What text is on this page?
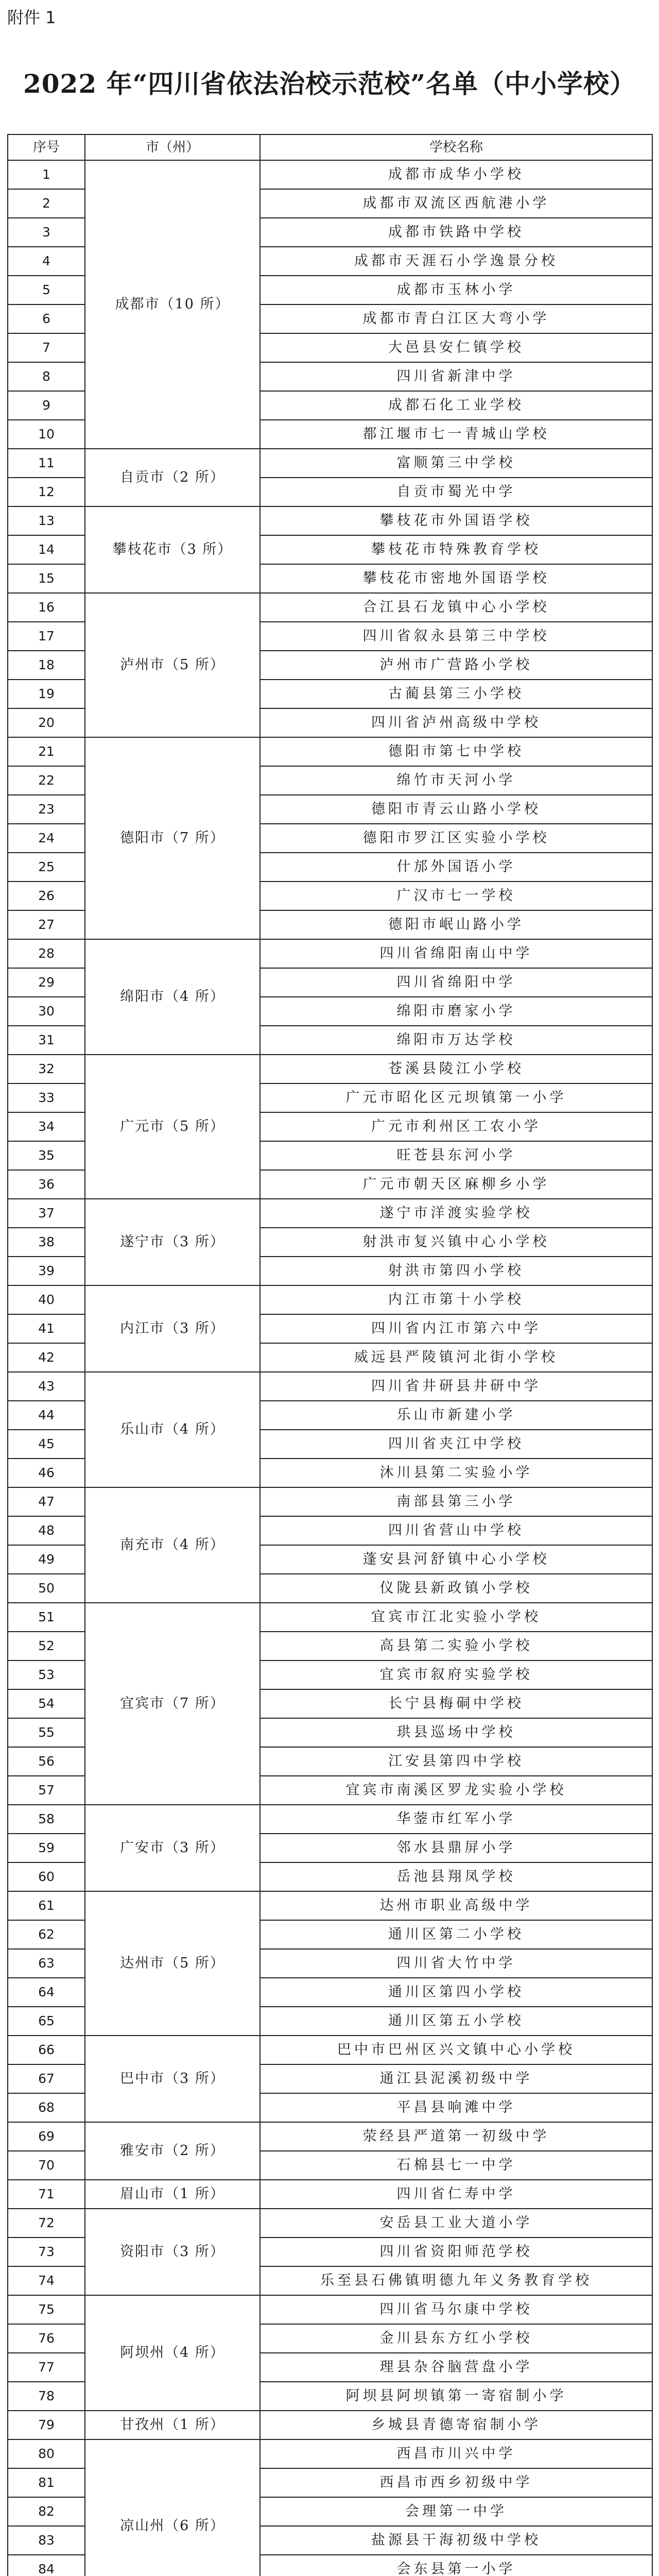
附件 1
2022 年“四川省依法治校示范校”名单（中小学校）
序号	市（州）	学校名称
1	成都市（10 所）	成都市成华小学校
2		成都市双流区西航港小学
3		成都市铁路中学校
4		成都市天涯石小学逸景分校
5		成都市玉林小学
6		成都市青白江区大弯小学
7		大邑县安仁镇学校
8		四川省新津中学
9		成都石化工业学校
10		都江堰市七一青城山学校
11	自贡市（2 所）	富顺第三中学校
12		自贡市蜀光中学
13	攀枝花市（3 所）	攀枝花市外国语学校
14		攀枝花市特殊教育学校
15		攀枝花市密地外国语学校
16	泸州市（5 所）	合江县石龙镇中心小学校
17		四川省叙永县第三中学校
18		泸州市广营路小学校
19		古蔺县第三小学校
20		四川省泸州高级中学校
21	德阳市（7 所）	德阳市第七中学校
22		绵竹市天河小学
23		德阳市青云山路小学校
24		德阳市罗江区实验小学校
25		什邡外国语小学
26		广汉市七一学校
27		德阳市岷山路小学
28	绵阳市（4 所）	四川省绵阳南山中学
29		四川省绵阳中学
30		绵阳市磨家小学
31		绵阳市万达学校
32	广元市（5 所）	苍溪县陵江小学校
33		广元市昭化区元坝镇第一小学
34		广元市利州区工农小学
35		旺苍县东河小学
36		广元市朝天区麻柳乡小学
37	遂宁市（3 所）	遂宁市洋渡实验学校
38		射洪市复兴镇中心小学校
39		射洪市第四小学校
40	内江市（3 所）	内江市第十小学校
41		四川省内江市第六中学
42		威远县严陵镇河北街小学校
43	乐山市（4 所）	四川省井研县井研中学
44		乐山市新建小学
45		四川省夹江中学校
46		沐川县第二实验小学
47	南充市（4 所）	南部县第三小学
48		四川省营山中学校
49		蓬安县河舒镇中心小学校
50		仪陇县新政镇小学校
51	宜宾市（7 所）	宜宾市江北实验小学校
52		高县第二实验小学校
53		宜宾市叙府实验学校
54		长宁县梅硐中学校
55		珙县巡场中学校
56		江安县第四中学校
57		宜宾市南溪区罗龙实验小学校
58	广安市（3 所）	华蓥市红军小学
59		邻水县鼎屏小学
60		岳池县翔凤学校
61	达州市（5 所）	达州市职业高级中学
62		通川区第二小学校
63		四川省大竹中学
64		通川区第四小学校
65		通川区第五小学校
66	巴中市（3 所）	巴中市巴州区兴文镇中心小学校
67		通江县泥溪初级中学
68		平昌县响滩中学
69	雅安市（2 所）	荥经县严道第一初级中学
70		石棉县七一中学
71	眉山市（1 所）	四川省仁寿中学
72	资阳市（3 所）	安岳县工业大道小学
73		四川省资阳师范学校
74		乐至县石佛镇明德九年义务教育学校
75	阿坝州（4 所）	四川省马尔康中学校
76		金川县东方红小学校
77		理县杂谷脑营盘小学
78		阿坝县阿坝镇第一寄宿制小学
79	甘孜州（1 所）	乡城县青德寄宿制小学
80	凉山州（6 所）	西昌市川兴中学
81		西昌市西乡初级中学
82		会理第一中学
83		盐源县干海初级中学校
84		会东县第一小学
